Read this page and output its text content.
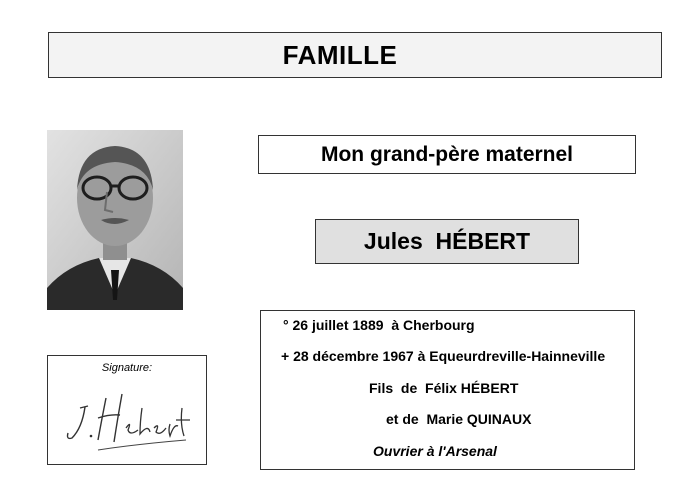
FAMILLE
Mon grand-père maternel
Jules  HÉBERT
Signature:
° 26 juillet 1889  à Cherbourg
+ 28 décembre 1967 à Equeurdreville-Hainneville
Fils  de  Félix HÉBERT
et de  Marie QUINAUX
Ouvrier à l'Arsenal
